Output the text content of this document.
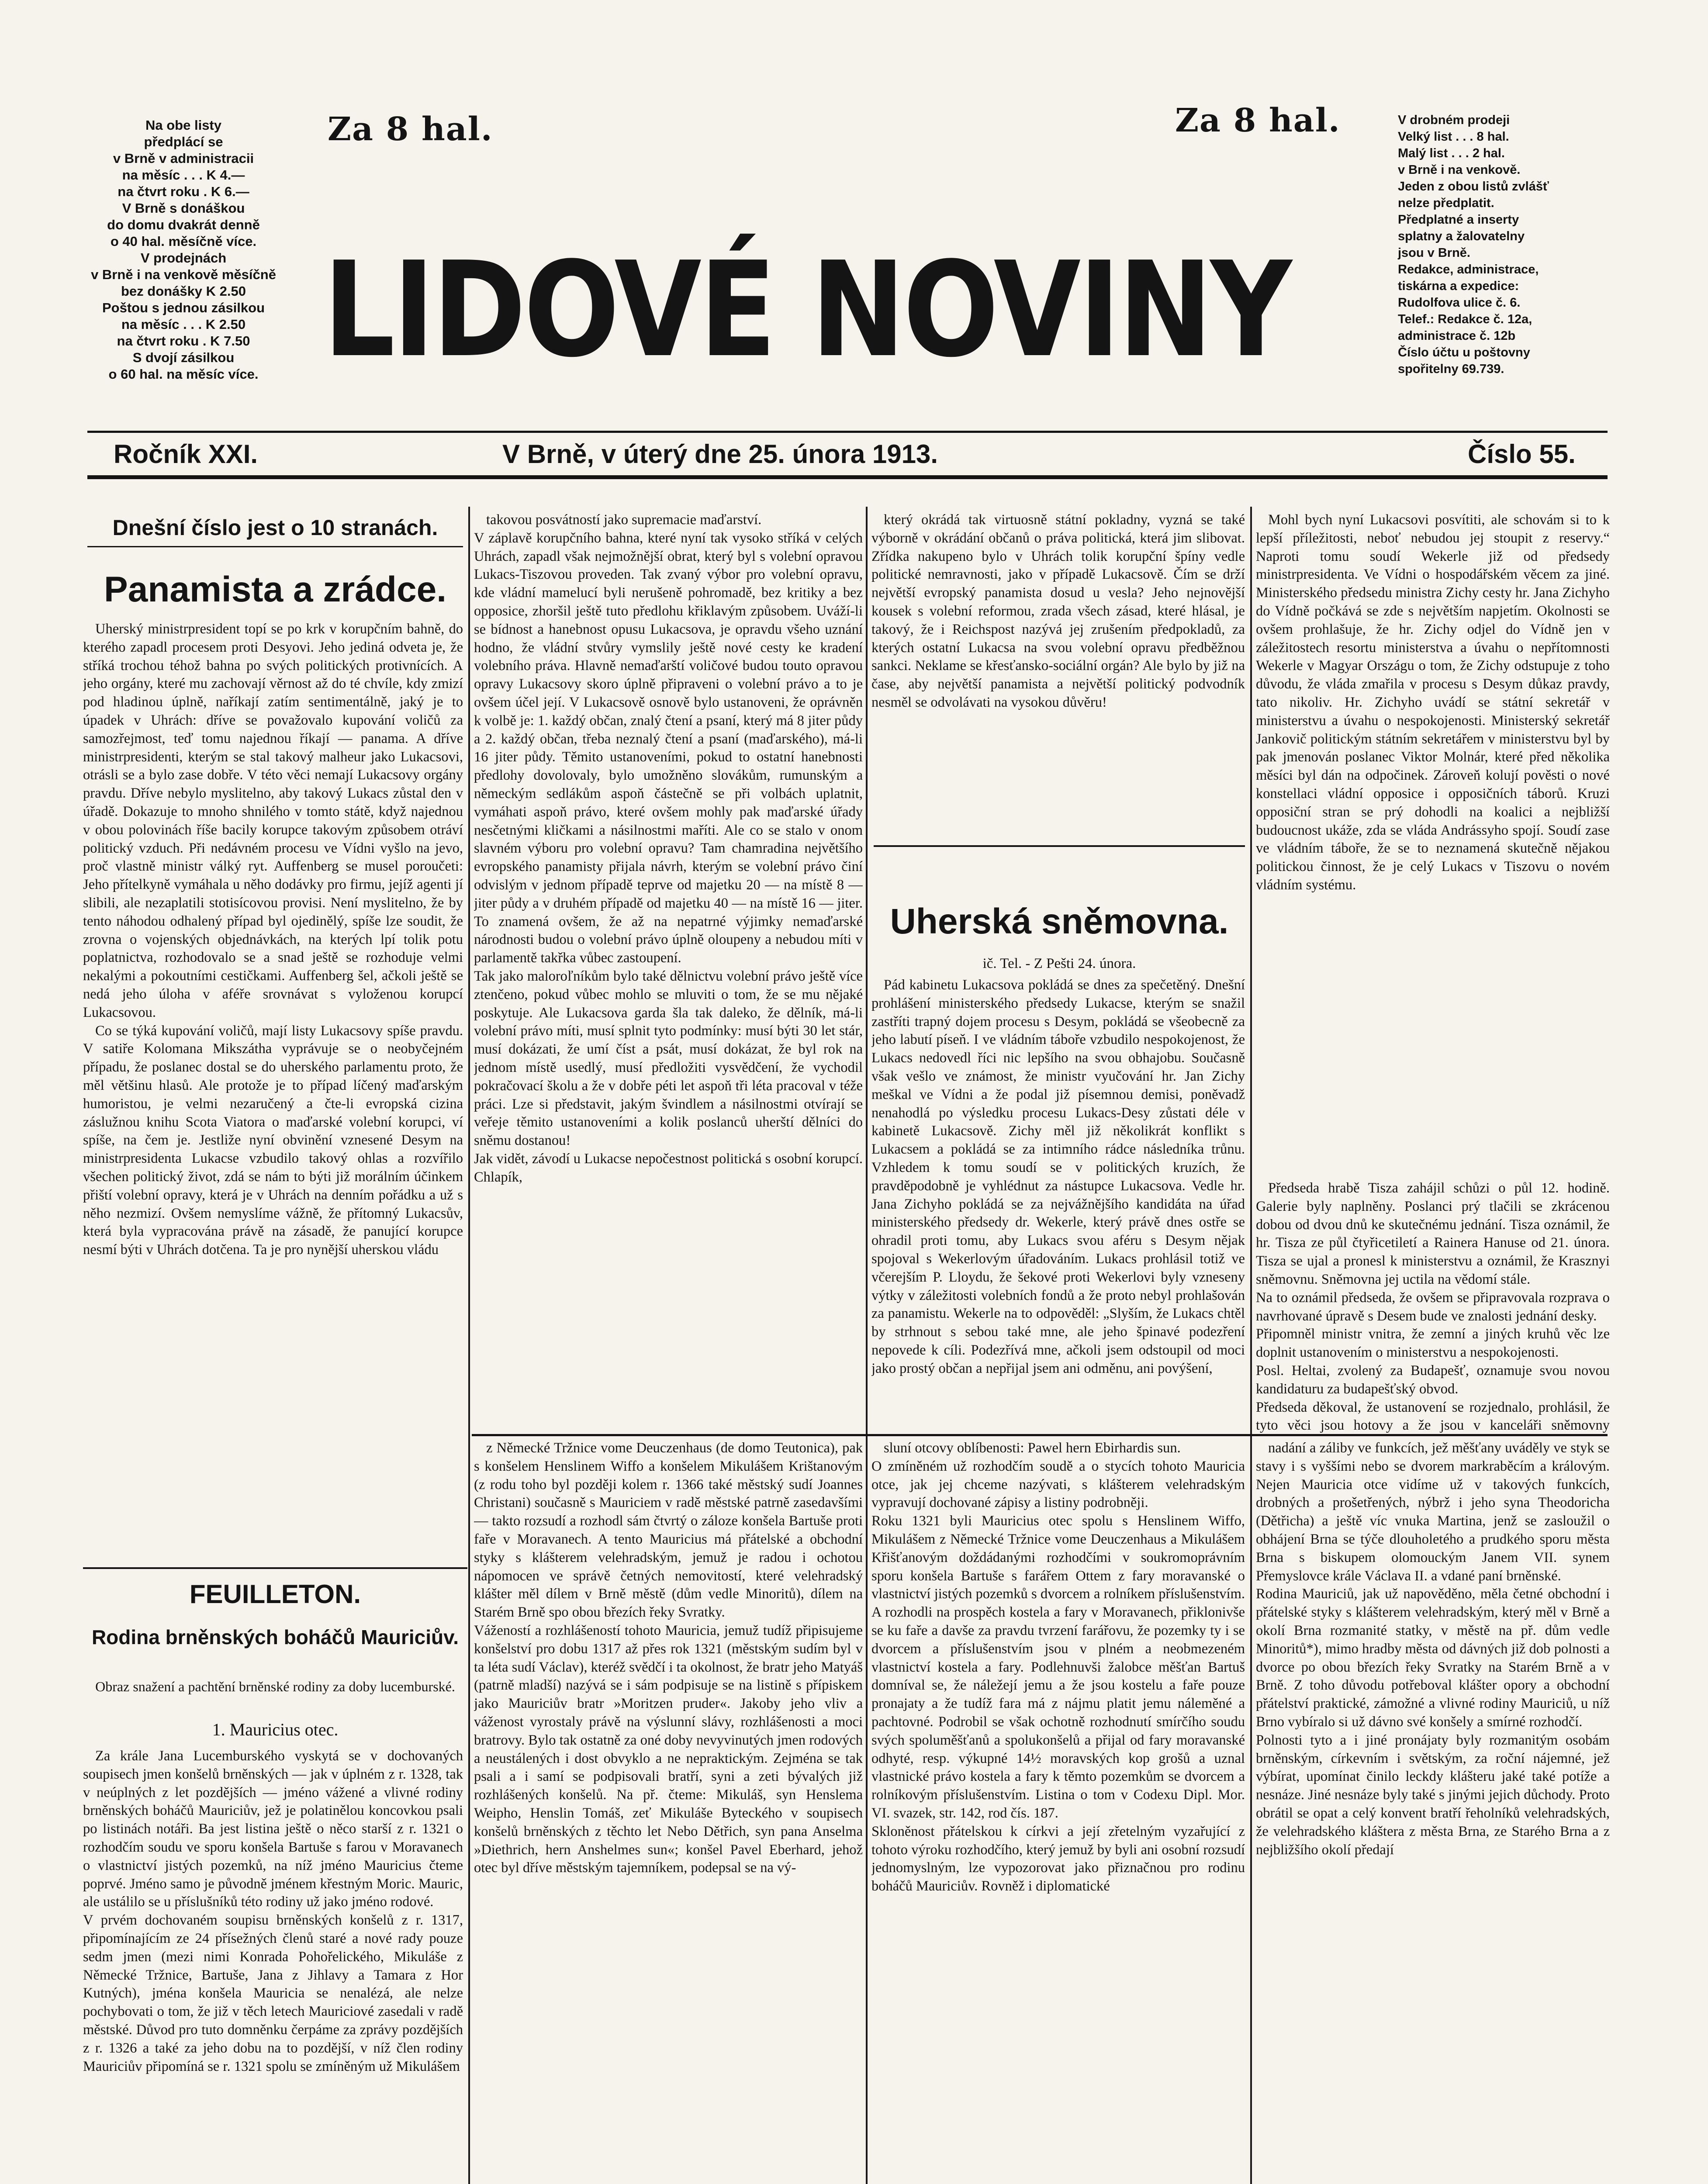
Na obe listy
předplácí se
v Brně v administracii
na měsíc . . . K 4.—
na čtvrt roku . K 6.—
V Brně s donáškou
do domu dvakrát denně
o 40 hal. měsíčně více.
V prodejnách
v Brně i na venkově měsíčně bez donášky K 2.50
Poštou s jednou zásilkou
na měsíc . . . K 2.50
na čtvrt roku . K 7.50
S dvojí zásilkou
o 60 hal. na měsíc více.
Za 8 hal.	Za 8 hal.
LIDOVÉ NOVINY
V drobném prodeji
Velký list . . . 8 hal.
Malý list . . . 2 hal.
v Brně i na venkově.
Jeden z obou listů zvlášť
nelze předplatit.
Předplatné a inserty
splatny a žalovatelny
jsou v Brně.
Redakce, administrace,
tiskárna a expedice:
Rudolfova ulice č. 6.
Telef.: Redakce č. 12a,
administrace č. 12b
Číslo účtu u poštovny
spořitelny 69.739.
Ročník XXI.	V Brně, v úterý dne 25. února 1913.	Číslo 55.
Dnešní číslo jest o 10 stranách.
Panamista a zrádce.

Uherský ministrpresident topí se po krk v korupčním bahně, do kterého zapadl procesem proti Desyovi. Jeho jediná odveta je, že stříká trochou téhož bahna po svých politických protivnících. A jeho orgány, které mu zachovají věrnost až do té chvíle, kdy zmizí pod hladinou úplně, naříkají zatím sentimentálně, jaký je to úpadek v Uhrách: dříve se považovalo kupování voličů za samozřejmost, teď tomu najednou říkají — panama. A dříve ministrpresidenti, kterým se stal takový malheur jako Lukacsovi, otrásli se a bylo zase dobře. V této věci nemají Lukacsovy orgány pravdu. Dříve nebylo myslitelno, aby takový Lukacs zůstal den v úřadě. Dokazuje to mnoho shnilého v tomto státě, když najednou v obou polovinách říše bacily korupce takovým způsobem otráví politický vzduch. Při nedávném procesu ve Vídni vyšlo na jevo, proč vlastně ministr válký ryt. Auffenberg se musel poroučeti: Jeho přítelkyně vymáhala u něho dodávky pro firmu, jejíž agenti jí slibili, ale nezaplatili stotisícovou provisi. Není myslitelno, že by tento náhodou odhalený případ byl ojedinělý, spíše lze soudit, že zrovna o vojenských objednávkách, na kterých lpí tolik potu poplatnictva, rozhodovalo se a snad ještě se rozhoduje velmi nekalými a pokoutními cestičkami. Auffenberg šel, ačkoli ještě se nedá jeho úloha v aféře srovnávat s vyloženou korupcí Lukacsovou.

Co se týká kupování voličů, mají listy Lukacsovy spíše pravdu. V satiře Kolomana Mikszátha vyprávuje se o neobyčejném případu, že poslanec dostal se do uherského parlamentu proto, že měl většinu hlasů. Ale protože je to případ líčený maďarským humoristou, je velmi nezaručený a čte-li evropská cizina záslužnou knihu Scota Viatora o maďarské volební korupci, ví spíše, na čem je. Jestliže nyní obvinění vznesené Desym na ministrpresidenta Lukacse vzbudilo takový ohlas a rozvířilo všechen politický život, zdá se nám to býti již morálním účinkem přiští volební opravy, která je v Uhrách na denním pořádku a už s něho nezmizí. Ovšem nemyslíme vážně, že přítomný Lukacsův, která byla vypracována právě na zásadě, že panující korupce nesmí býti v Uhrách dotčena. Ta je pro nynější uherskou vládu

takovou posvátností jako supremacie maďarství.
V záplavě korupčního bahna, které nyní tak vysoko stříká v celých Uhrách, zapadl však nejmožnější obrat, který byl s volební opravou Lukacs-Tiszovou proveden. Tak zvaný výbor pro volební opravu, kde vládní mamelucí byli nerušeně pohromadě, bez kritiky a bez opposice, zhoršil ještě tuto předlohu křiklavým způsobem. Uváží-li se bídnost a hanebnost opusu Lukacsova, je opravdu všeho uznání hodno, že vládní stvůry vymslily ještě nové cesty ke kradení volebního práva. Hlavně nemaďarští voličové budou touto opravou opravy Lukacsovy skoro úplně připraveni o volební právo a to je ovšem účel její. V Lukacsově osnově bylo ustanoveni, že oprávněn k volbě je: 1. každý občan, znalý čtení a psaní, který má 8 jiter půdy a 2. každý občan, třeba neznalý čtení a psaní (maďarského), má-li 16 jiter půdy. Těmito ustanoveními, pokud to ostatní hanebnosti předlohy dovolovaly, bylo umožněno slovákům, rumunským a německým sedlákům aspoň částečně se při volbách uplatnit, vymáhati aspoň právo, které ovšem mohly pak maďarské úřady nesčetnými kličkami a násilnostmi maříti. Ale co se stalo v onom slavném výboru pro volební opravu? Tam chamradina největšího evropského panamisty přijala návrh, kterým se volební právo činí odvislým v jednom případě teprve od majetku 20 — na místě 8 — jiter půdy a v druhém případě od majetku 40 — na místě 16 — jiter. To znamená ovšem, že až na nepatrné výjimky nemaďarské národnosti budou o volební právo úplně oloupeny a nebudou míti v parlamentě takřka vůbec zastoupení.
Tak jako maloroľníkům bylo také dělnictvu volební právo ještě více ztenčeno, pokud vůbec mohlo se mluviti o tom, že se mu nějaké poskytuje. Ale Lukacsova garda šla tak daleko, že dělník, má-li volební právo míti, musí splnit tyto podmínky: musí býti 30 let stár, musí dokázati, že umí číst a psát, musí dokázat, že byl rok na jednom místě usedlý, musí předložiti vysvědčení, že vychodil pokračovací školu a že v dobře péti let aspoň tři léta pracoval v téže práci. Lze si představit, jakým švindlem a násilnostmi otvírají se veřeje těmito ustanoveními a kolik poslanců uherští dělníci do sněmu dostanou!
Jak vidět, závodí u Lukacse nepočestnost politická s osobní korupcí. Chlapík,

který okrádá tak virtuosně státní pokladny, vyzná se také výborně v okrádání občanů o práva politická, která jim slibovat. Zřídka nakupeno bylo v Uhrách tolik korupční špíny vedle politické nemravnosti, jako v případě Lukacsově. Čím se drží největší evropský panamista dosud u vesla? Jeho nejnovější kousek s volební reformou, zrada všech zásad, které hlásal, je takový, že i Reichspost nazývá jej zrušením předpokladů, za kterých ostatní Lukacsa na svou volební opravu předběžnou sankci. Neklame se křesťansko-sociální orgán? Ale bylo by již na čase, aby největší panamista a největší politický podvodník nesměl se odvolávati na vysokou důvěru!

Uherská sněmovna.
ič. Tel. - Z Pešti 24. února.

Pád kabinetu Lukacsova pokládá se dnes za spečetěný. Dnešní prohlášení ministerského předsedy Lukacse, kterým se snažil zastříti trapný dojem procesu s Desym, pokládá se všeobecně za jeho labutí píseň. I ve vládním táboře vzbudilo nespokojenost, že Lukacs nedovedl říci nic lepšího na svou obhajobu. Současně však vešlo ve známost, že ministr vyučování hr. Jan Zichy meškal ve Vídni a že podal již písemnou demisi, poněvadž nenahodlá po výsledku procesu Lukacs-Desy zůstati déle v kabinetě Lukacsově. Zichy měl již několikrát konflikt s Lukacsem a pokládá se za intimního rádce následníka trůnu. Vzhledem k tomu soudí se v politických kruzích, že pravděpodobně je vyhlédnut za nástupce Lukacsova. Vedle hr. Jana Zichyho pokládá se za nejvážnějšího kandidáta na úřad ministerského předsedy dr. Wekerle, který právě dnes ostře se ohradil proti tomu, aby Lukacs svou aféru s Desym nějak spojoval s Wekerlovým úřadováním. Lukacs prohlásil totiž ve včerejším P. Lloydu, že šekové proti Wekerlovi byly vzneseny výtky v záležitosti volebních fondů a že proto nebyl prohlašován za panamistu. Wekerle na to odpověděl: „Slyším, že Lukacs chtěl by strhnout s sebou také mne, ale jeho špinavé podezření nepovede k cíli. Podezřívá mne, ačkoli jsem odstoupil od moci jako prostý občan a nepřijal jsem ani odměnu, ani povýšení,

Mohl bych nyní Lukacsovi posvítiti, ale schovám si to k lepší příležitosti, neboť nebudou jej stoupit z reservy.“ Naproti tomu soudí Wekerle již od předsedy ministrpresidenta. Ve Vídni o hospodářském věcem za jiné. Ministerského předsedu ministra Zichy cesty hr. Jana Zichyho do Vídně počkává se zde s největším napjetím. Okolnosti se ovšem prohlašuje, že hr. Zichy odjel do Vídně jen v záležitostech resortu ministerstva a úvahu o nepřítomnosti Wekerle v Magyar Országu o tom, že Zichy odstupuje z toho důvodu, že vláda zmařila v procesu s Desym důkaz pravdy, tato nikoliv. Hr. Zichyho uvádí se státní sekretář v ministerstvu a úvahu o nespokojenosti. Ministerský sekretář Jankovič politickým státním sekretářem v ministerstvu byl by pak jmenován poslanec Viktor Molnár, které před několika měsíci byl dán na odpočinek. Zároveň kolují pověsti o nové konstellaci vládní opposice i opposičních táborů. Kruzi opposiční stran se prý dohodli na koalici a nejbližší budoucnost ukáže, zda se vláda Andrássyho spojí. Soudí zase ve vládním táboře, že se to neznamená skutečně nějakou politickou činnost, že je celý Lukacs v Tiszovu o novém vládním systému.

Předseda hrabě Tisza zahájil schůzi o půl 12. hodině. Galerie byly naplněny. Poslanci prý tlačili se zkrácenou dobou od dvou dnů ke skutečnému jednání. Tisza oznámil, že hr. Tisza ze půl čtyřicetiletí a Rainera Hanuse od 21. února. Tisza se ujal a pronesl k ministerstvu a oznámil, že Krasznyi sněmovnu. Sněmovna jej uctila na vědomí stále.
Na to oznámil předseda, že ovšem se připravovala rozprava o navrhované úpravě s Desem bude ve znalosti jednání desky.
Připomněl ministr vnitra, že zemní a jiných kruhů věc lze doplnit ustanovením o ministerstvu a nespokojenosti.
Posl. Heltai, zvolený za Budapešť, oznamuje svou novou kandidaturu za budapešťský obvod.
Předseda děkoval, že ustanovení se rozjednalo, prohlásil, že tyto věci jsou hotovy a že jsou v kanceláři sněmovny

FEUILLETON.
Rodina brněnských boháčů Mauriciův.
Obraz snažení a pachtění brněnské rodiny za doby lucemburské.
1. Mauricius otec.

Za krále Jana Lucemburského vyskytá se v dochovaných soupisech jmen konšelů brněnských — jak v úplném z r. 1328, tak v neúplných z let pozdějších — jméno vážené a vlivné rodiny brněnských boháčů Mauriciův, jež je polatinělou koncovkou psali po listinách notáři. Ba jest listina ještě o něco starší z r. 1321 o rozhodčím soudu ve sporu konšela Bartuše s farou v Moravanech o vlastnictví jistých pozemků, na níž jméno Mauricius čteme poprvé. Jméno samo je původně jménem křestným Moric. Mauric, ale ustálilo se u příslušníků této rodiny už jako jméno rodové.
V prvém dochovaném soupisu brněnských konšelů z r. 1317, připomínajícím ze 24 přísežných členů staré a nové rady pouze sedm jmen (mezi nimi Konrada Pohořelického, Mikuláše z Německé Tržnice, Bartuše, Jana z Jihlavy a Tamara z Hor Kutných), jména konšela Mauricia se nenalézá, ale nelze pochybovati o tom, že již v těch letech Mauriciové zasedali v radě městské. Důvod pro tuto domněnku čerpáme za zprávy pozdějších z r. 1326 a také za jeho dobu na to pozdější, v níž člen rodiny Mauriciův připomíná se r. 1321 spolu se zmíněným už Mikulášem

z Německé Tržnice vome Deuczenhaus (de domo Teutonica), pak s konšelem Henslinem Wiffo a konšelem Mikulášem Krištanovým (z rodu toho byl později kolem r. 1366 také městský sudí Joannes Christani) současně s Mauriciem v radě městské patrně zasedavšími — takto rozsudí a rozhodl sám čtvrtý o záloze konšela Bartuše proti faře v Moravanech. A tento Mauricius má přátelské a obchodní styky s klášterem velehradským, jemuž je radou i ochotou nápomocen ve správě četných nemovitostí, které velehradský klášter měl dílem v Brně městě (dům vedle Minoritů), dílem na Starém Brně spo obou březích řeky Svratky.
Vážeností a rozhlášeností tohoto Mauricia, jemuž tudíž připisujeme konšelství pro dobu 1317 až přes rok 1321 (městským sudím byl v ta léta sudí Václav), kteréž svědčí i ta okolnost, že bratr jeho Matyáš (patrně mladší) nazývá se i sám podpisuje se na listině s přípiskem jako Mauriciův bratr »Moritzen pruder«. Jakoby jeho vliv a váženost vyrostaly právě na výslunní slávy, rozhlášenosti a moci bratrovy. Bylo tak ostatně za oné doby nevyvinutých jmen rodových a neustálených i dost obvyklo a ne nepraktickým. Zejména se tak psali a i samí se podpisovali bratří, syni a zeti bývalých již rozhlášených konšelů. Na př. čteme: Mikuláš, syn Henslema Weipho, Henslin Tomáš, zeť Mikuláše Byteckého v soupisech konšelů brněnských z těchto let Nebo Dětřich, syn pana Anselma »Diethrich, hern Anshelmes sun«; konšel Pavel Eberhard, jehož otec byl dříve městským tajemníkem, podepsal se na vý-

sluní otcovy oblíbenosti: Pawel hern Ebirhardis sun.
O zmíněném už rozhodčím soudě a o stycích tohoto Mauricia otce, jak jej chceme nazývati, s klášterem velehradským vypravují dochované zápisy a listiny podrobněji.
Roku 1321 byli Mauricius otec spolu s Henslinem Wiffo, Mikulášem z Německé Tržnice vome Deuczenhaus a Mikulášem Křišťanovým doždádanými rozhodčími v soukromoprávním sporu konšela Bartuše s farářem Ottem z fary moravanské o vlastnictví jistých pozemků s dvorcem a rolníkem příslušenstvím. A rozhodli na prospěch kostela a fary v Moravanech, přiklonivše se ku faře a davše za pravdu tvrzení farářovu, že pozemky ty i se dvorcem a příslušenstvím jsou v plném a neobmezeném vlastnictví kostela a fary. Podlehnuvši žalobce měšťan Bartuš domníval se, že náležejí jemu a že jsou kostelu a faře pouze pronajaty a že tudíž fara má z nájmu platit jemu náleměné a pachtovné. Podrobil se však ochotně rozhodnutí smírčího soudu svých spoluměšťanů a spolukonšelů a přijal od fary moravanské odhyté, resp. výkupné 14½ moravských kop grošů a uznal vlastnické právo kostela a fary k těmto pozemkům se dvorcem a rolníkovým příslušenstvím. Listina o tom v Codexu Dipl. Mor. VI. svazek, str. 142, rod čís. 187.
Skloněnost přátelskou k církvi a její zřetelným vyzařující z tohoto výroku rozhodčího, který jemuž by byli ani osobní rozsudí jednomyslným, lze vypozorovat jako přiznačnou pro rodinu boháčů Mauriciův. Rovněž i diplomatické

nadání a záliby ve funkcích, jež měšťany uváděly ve styk se stavy i s vyššími nebo se dvorem markraběcím a královým. Nejen Mauricia otce vidíme už v takových funkcích, drobných a prošetřených, nýbrž i jeho syna Theodoricha (Dětřicha) a ještě víc vnuka Martina, jenž se zasloužil o obhájení Brna se týče dlouholetého a prudkého sporu města Brna s biskupem olomouckým Janem VII. synem Přemyslovce krále Václava II. a vdané paní brněnské.
Rodina Mauriciů, jak už napověděno, měla četné obchodní i přátelské styky s klášterem velehradským, který měl v Brně a okolí Brna rozmanité statky, v městě na př. dům vedle Minoritů*), mimo hradby města od dávných již dob polnosti a dvorce po obou březích řeky Svratky na Starém Brně a v Brně. Z toho důvodu potřeboval klášter opory a obchodní přátelství praktické, zámožné a vlivné rodiny Mauriciů, u níž Brno vybíralo si už dávno své konšely a smírné rozhodčí.
Polnosti tyto a i jiné pronájaty byly rozmanitým osobám brněnským, církevním i světským, za roční nájemné, jež výbírat, upomínat činilo leckdy klášteru jaké také potíže a nesnáze. Jiné nesnáze byly také s jinými jejich důchody. Proto obrátil se opat a celý konvent bratří řeholníků velehradských, že velehradského kláštera z města Brna, ze Starého Brna a z nejbližšího okolí předají
